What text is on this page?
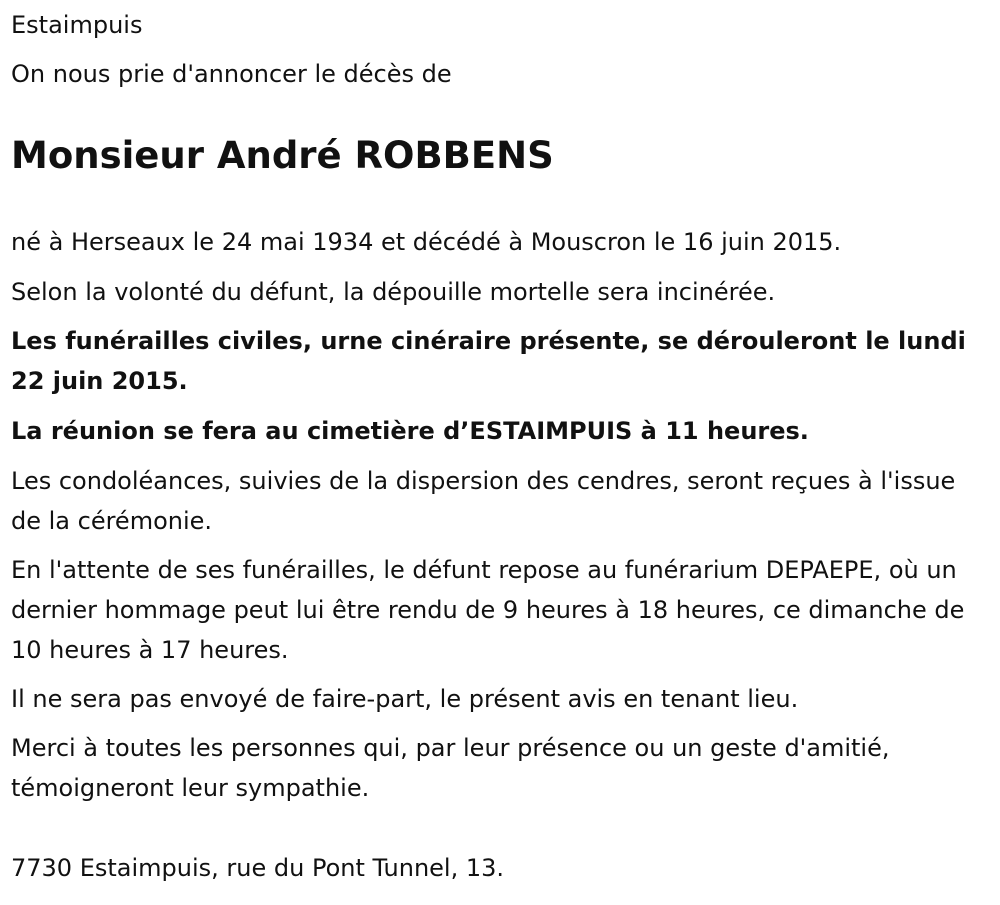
Estaimpuis
On nous prie d'annoncer le décès de
Monsieur André ROBBENS
né à Herseaux le 24 mai 1934 et décédé à Mouscron le 16 juin 2015.
Selon la volonté du défunt, la dépouille mortelle sera incinérée.
Les funérailles civiles, urne cinéraire présente, se dérouleront le lundi 22 juin 2015.
La réunion se fera au cimetière d’ESTAIMPUIS à 11 heures.
Les condoléances, suivies de la dispersion des cendres, seront reçues à l'issue de la cérémonie.
En l'attente de ses funérailles, le défunt repose au funérarium DEPAEPE, où un dernier hommage peut lui être rendu de 9 heures à 18 heures, ce dimanche de 10 heures à 17 heures.
Il ne sera pas envoyé de faire-part, le présent avis en tenant lieu.
Merci à toutes les personnes qui, par leur présence ou un geste d'amitié, témoigneront leur sympathie.
7730 Estaimpuis, rue du Pont Tunnel, 13.
